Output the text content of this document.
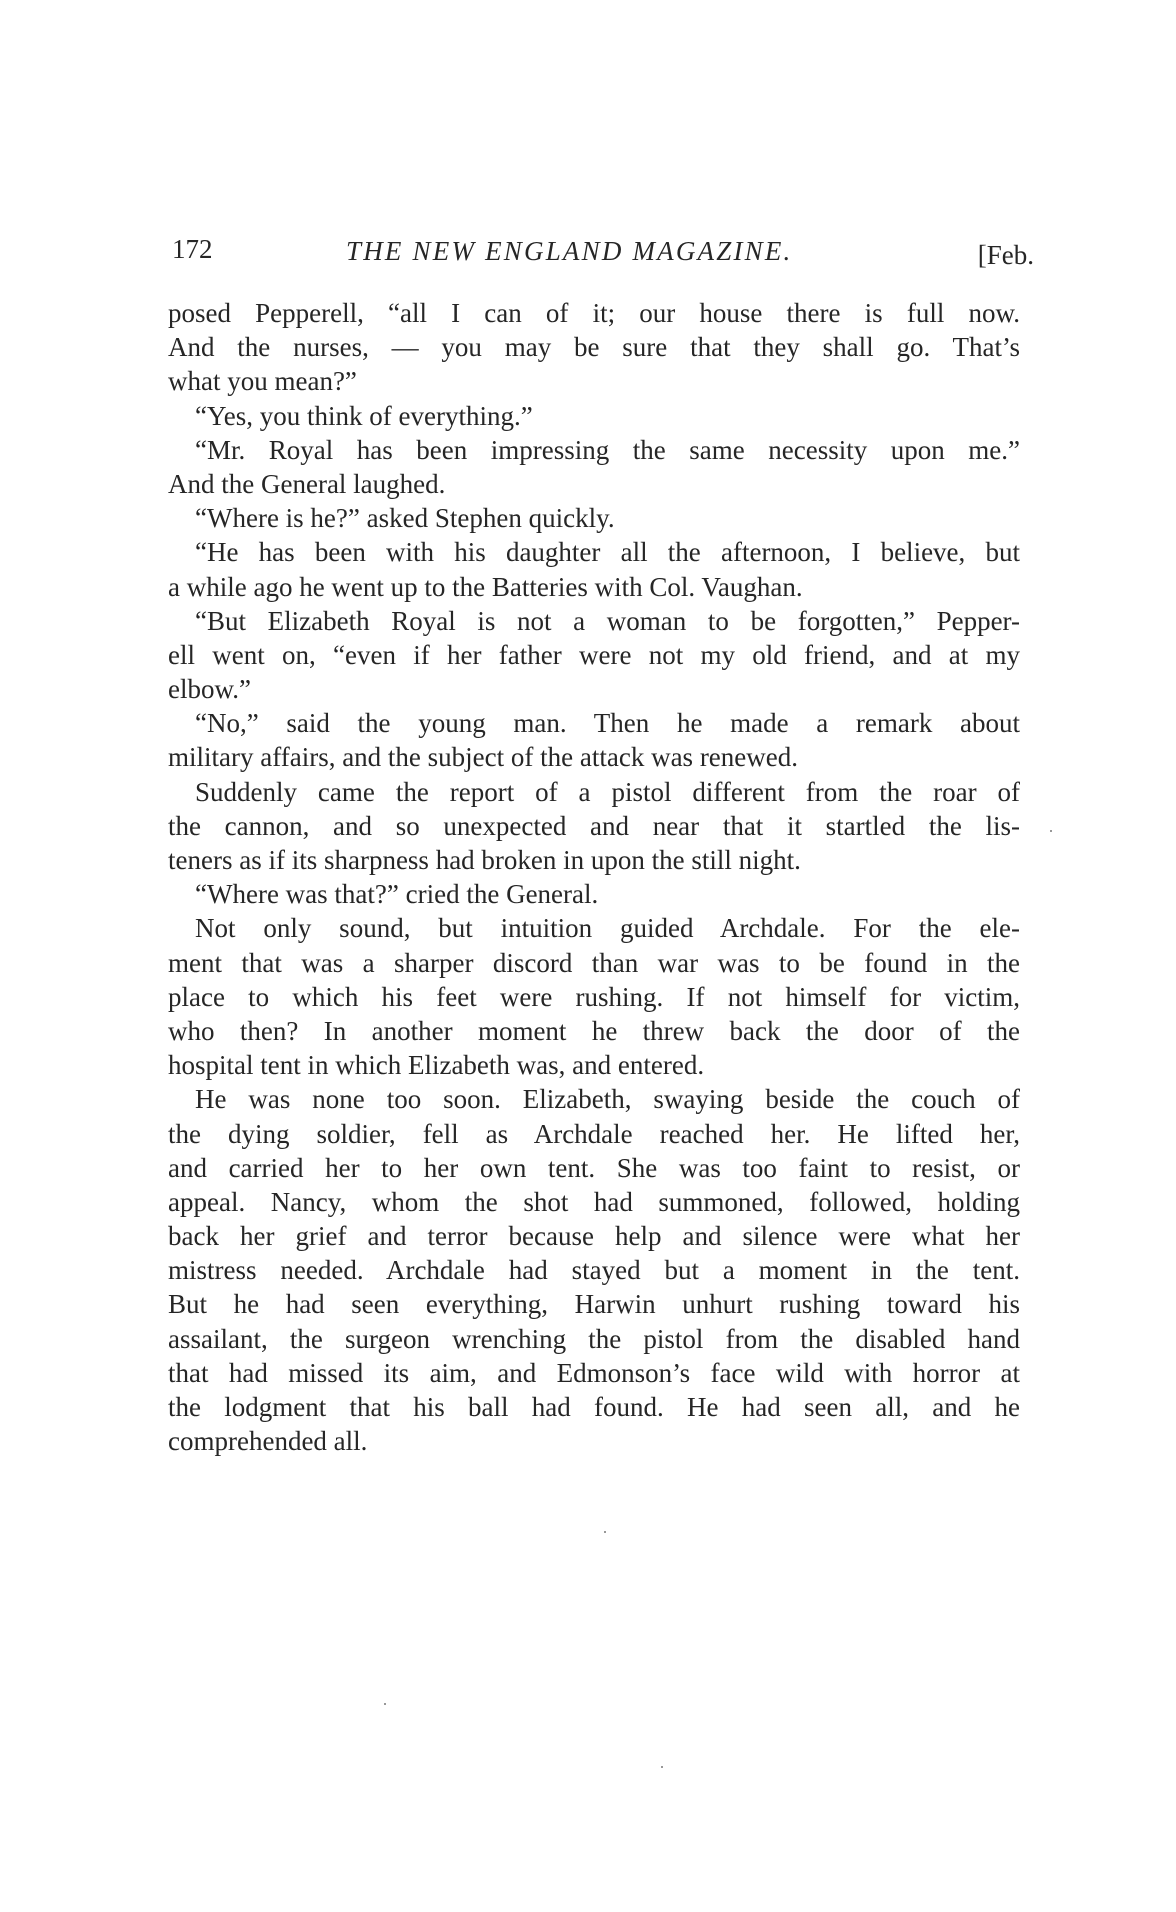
172	THE NEW ENGLAND MAGAZINE.	[Feb.
posed Pepperell, “all I can of it; our house there is full now.
And the nurses, — you may be sure that they shall go. That’s
what you mean?”
“Yes, you think of everything.”
“Mr. Royal has been impressing the same necessity upon me.”
And the General laughed.
“Where is he?” asked Stephen quickly.
“He has been with his daughter all the afternoon, I believe, but
a while ago he went up to the Batteries with Col. Vaughan.
“But Elizabeth Royal is not a woman to be forgotten,” Pepper-
ell went on, “even if her father were not my old friend, and at my
elbow.”
“No,” said the young man. Then he made a remark about
military affairs, and the subject of the attack was renewed.
Suddenly came the report of a pistol different from the roar of
the cannon, and so unexpected and near that it startled the lis-
teners as if its sharpness had broken in upon the still night.
“Where was that?” cried the General.
Not only sound, but intuition guided Archdale. For the ele-
ment that was a sharper discord than war was to be found in the
place to which his feet were rushing. If not himself for victim,
who then? In another moment he threw back the door of the
hospital tent in which Elizabeth was, and entered.
He was none too soon. Elizabeth, swaying beside the couch of
the dying soldier, fell as Archdale reached her. He lifted her,
and carried her to her own tent. She was too faint to resist, or
appeal. Nancy, whom the shot had summoned, followed, holding
back her grief and terror because help and silence were what her
mistress needed. Archdale had stayed but a moment in the tent.
But he had seen everything, Harwin unhurt rushing toward his
assailant, the surgeon wrenching the pistol from the disabled hand
that had missed its aim, and Edmonson’s face wild with horror at
the lodgment that his ball had found. He had seen all, and he
comprehended all.
